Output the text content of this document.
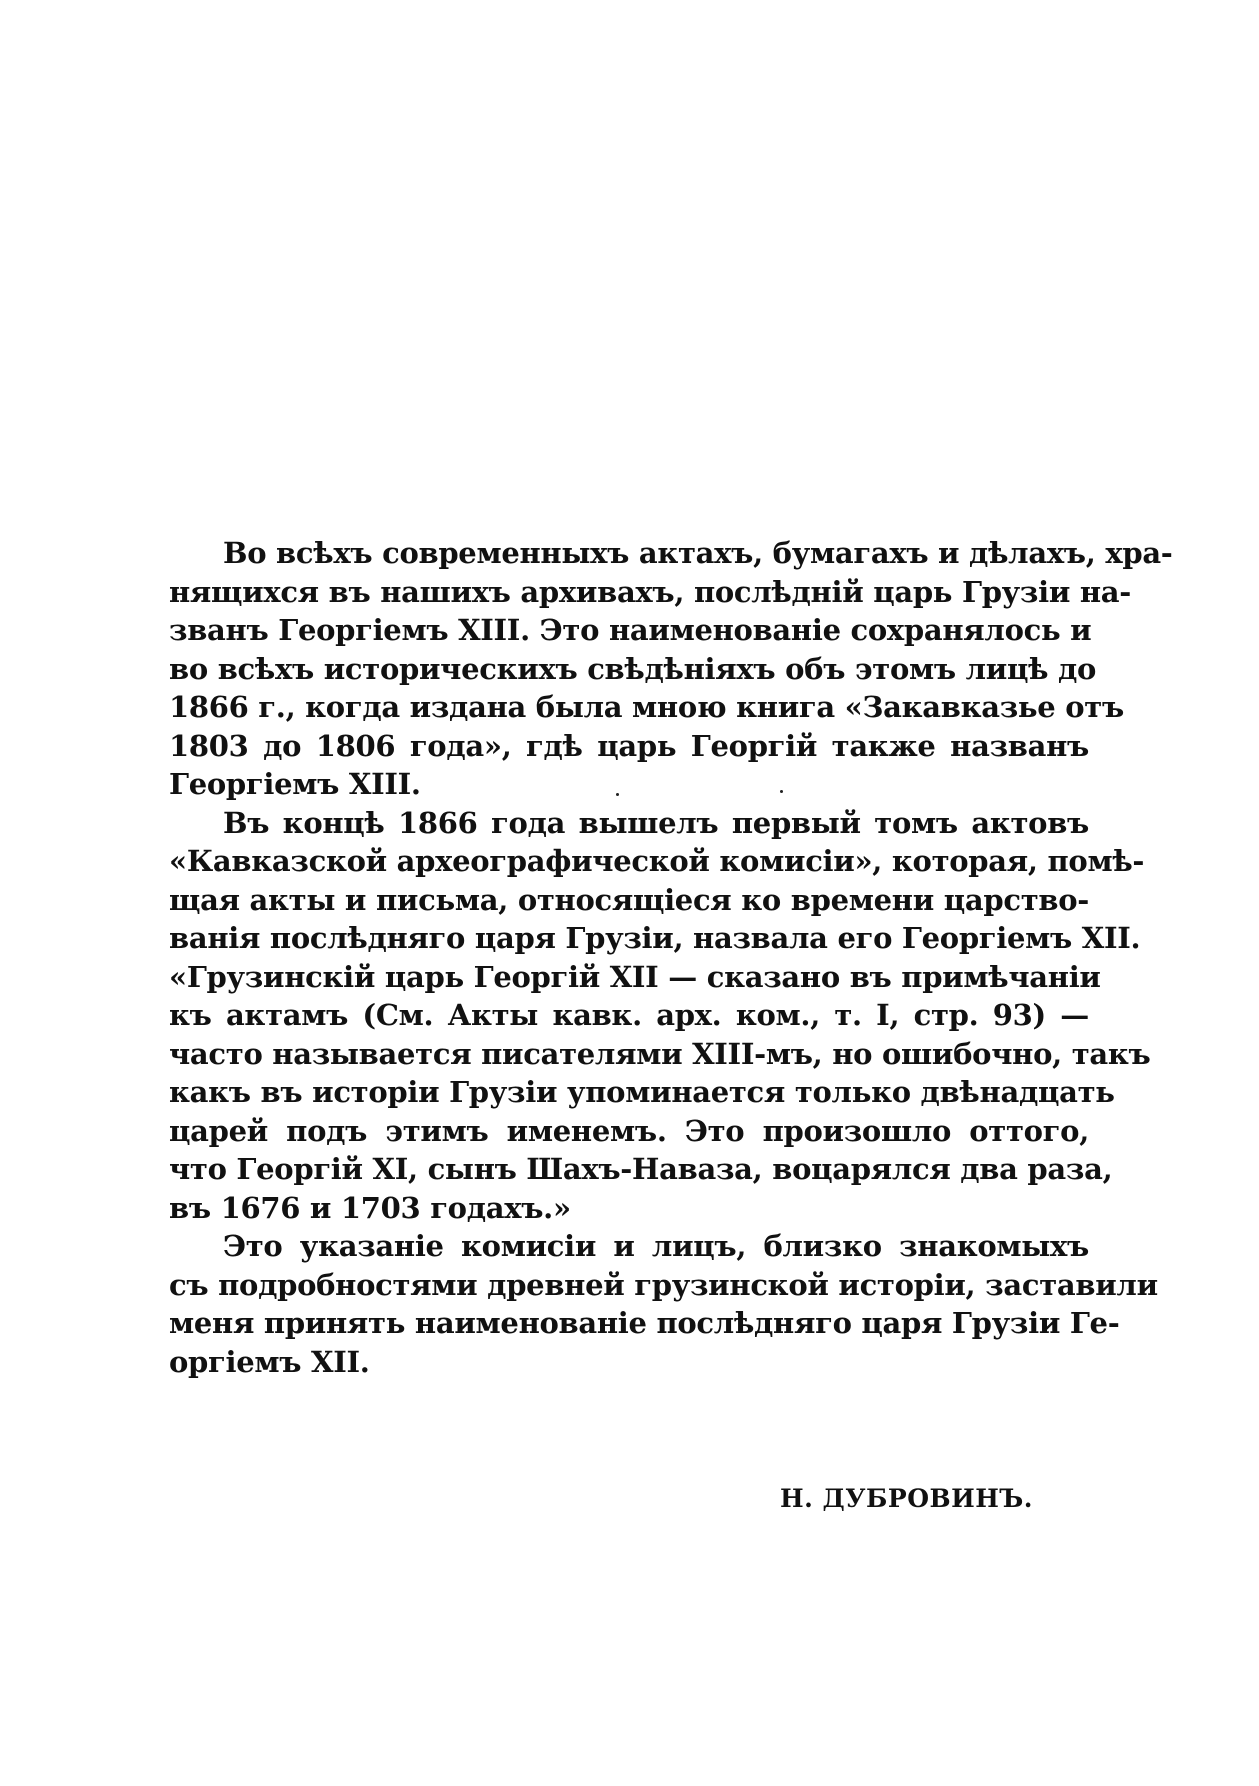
Во всѣхъ современныхъ актахъ, бумагахъ и дѣлахъ, хра-
нящихся въ нашихъ архивахъ, послѣдній царь Грузіи на-
званъ Георгіемъ XIII. Это наименованіе сохранялось и
во всѣхъ историческихъ свѣдѣніяхъ объ этомъ лицѣ до
1866 г., когда издана была мною книга «Закавказье отъ
1803 до 1806 года», гдѣ царь Георгій также названъ
Георгіемъ XIII.
Въ концѣ 1866 года вышелъ первый томъ актовъ
«Кавказской археографической комисіи», которая, помѣ-
щая акты и письма, относящіеся ко времени царство-
ванія послѣдняго царя Грузіи, назвала его Георгіемъ XII.
«Грузинскій царь Георгій XII — сказано въ примѣчаніи
къ актамъ (См. Акты кавк. арх. ком., т. I, стр. 93) —
часто называется писателями XIII-мъ, но ошибочно, такъ
какъ въ исторіи Грузіи упоминается только двѣнадцать
царей подъ этимъ именемъ. Это произошло оттого,
что Георгій XI, сынъ Шахъ-Наваза, воцарялся два раза,
въ 1676 и 1703 годахъ.»
Это указаніе комисіи и лицъ, близко знакомыхъ
съ подробностями древней грузинской исторіи, заставили
меня принять наименованіе послѣдняго царя Грузіи Ге-
оргіемъ XII.
Н. ДУБРОВИНЪ.
